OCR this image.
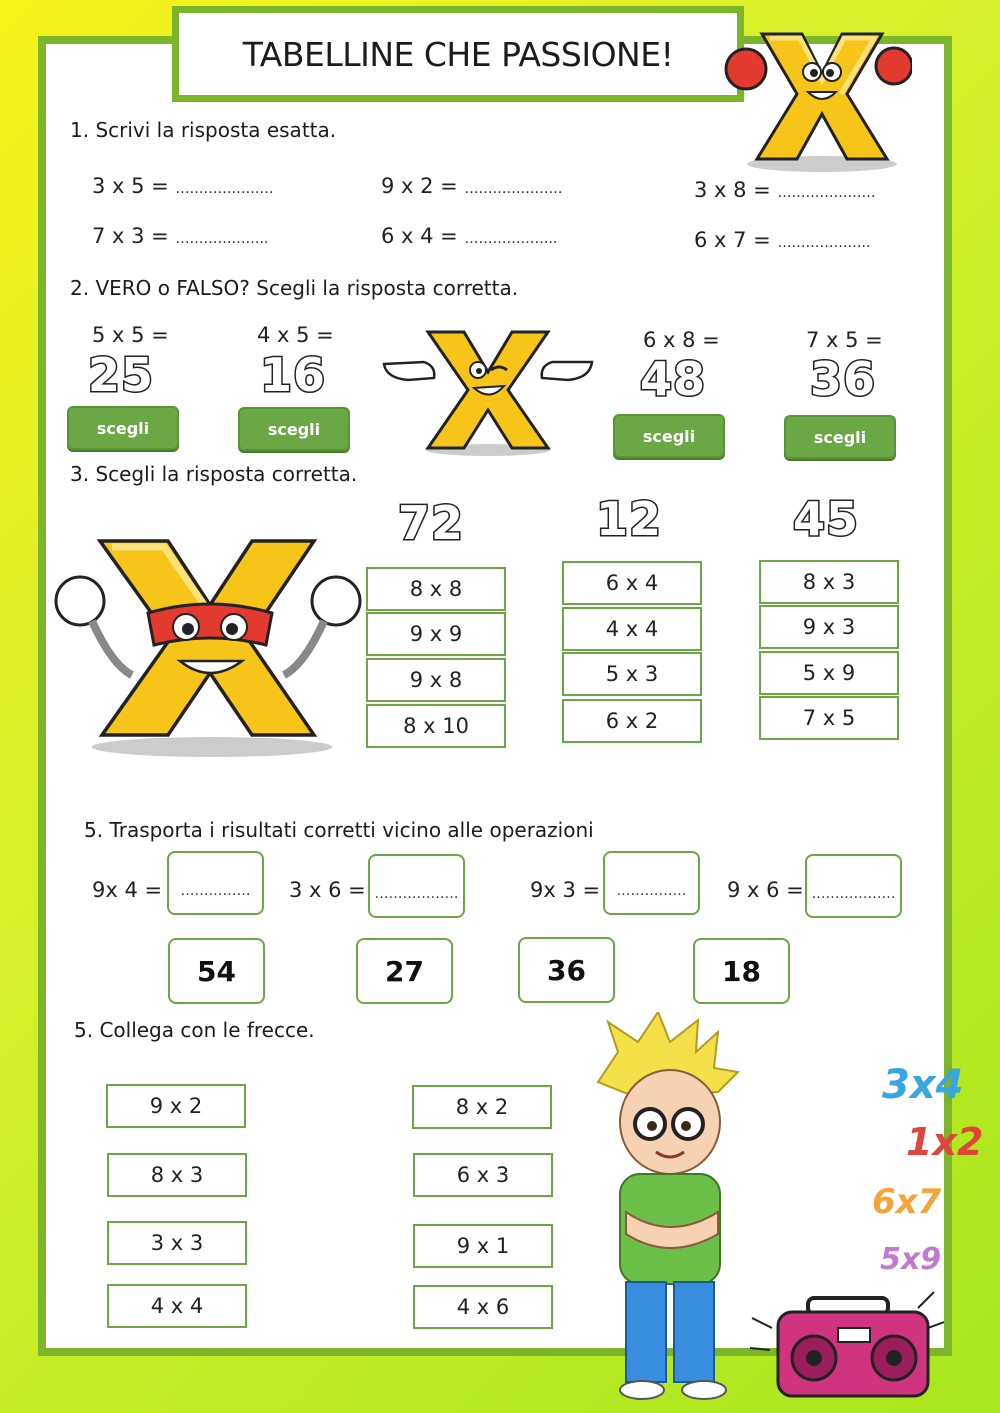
TABELLINE CHE PASSIONE!
1. Scrivi la risposta esatta.
3 x 5 = …………………	9 x 2 = …………………	3 x 8 = …………………
7 x 3 = ………………..	6 x 4 = ………………..	6 x 7 = ………………..
2. VERO o FALSO? Scegli la risposta corretta.
5 x 5 =
25
scegli
4 x 5 =
16
scegli
6 x 8 =
48
scegli
7 x 5 =
36
scegli
3. Scegli la risposta corretta.
72
8 x 8
9 x 9
9 x 8
8 x 10
12
6 x 4
4 x 4
5 x 3
6 x 2
45
8 x 3
9 x 3
5 x 9
7 x 5
5. Trasporta i risultati corretti vicino alle operazioni
9x 4 = …………… 3 x 6 = ………………	9x 3 = …………… 9 x 6 = ………………
54	27	36	18
5. Collega con le frecce.
9 x 2
8 x 3
3 x 3
4 x 4
8 x 2
6 x 3
9 x 1
4 x 6
3x4
1x2
6x7
5x9
